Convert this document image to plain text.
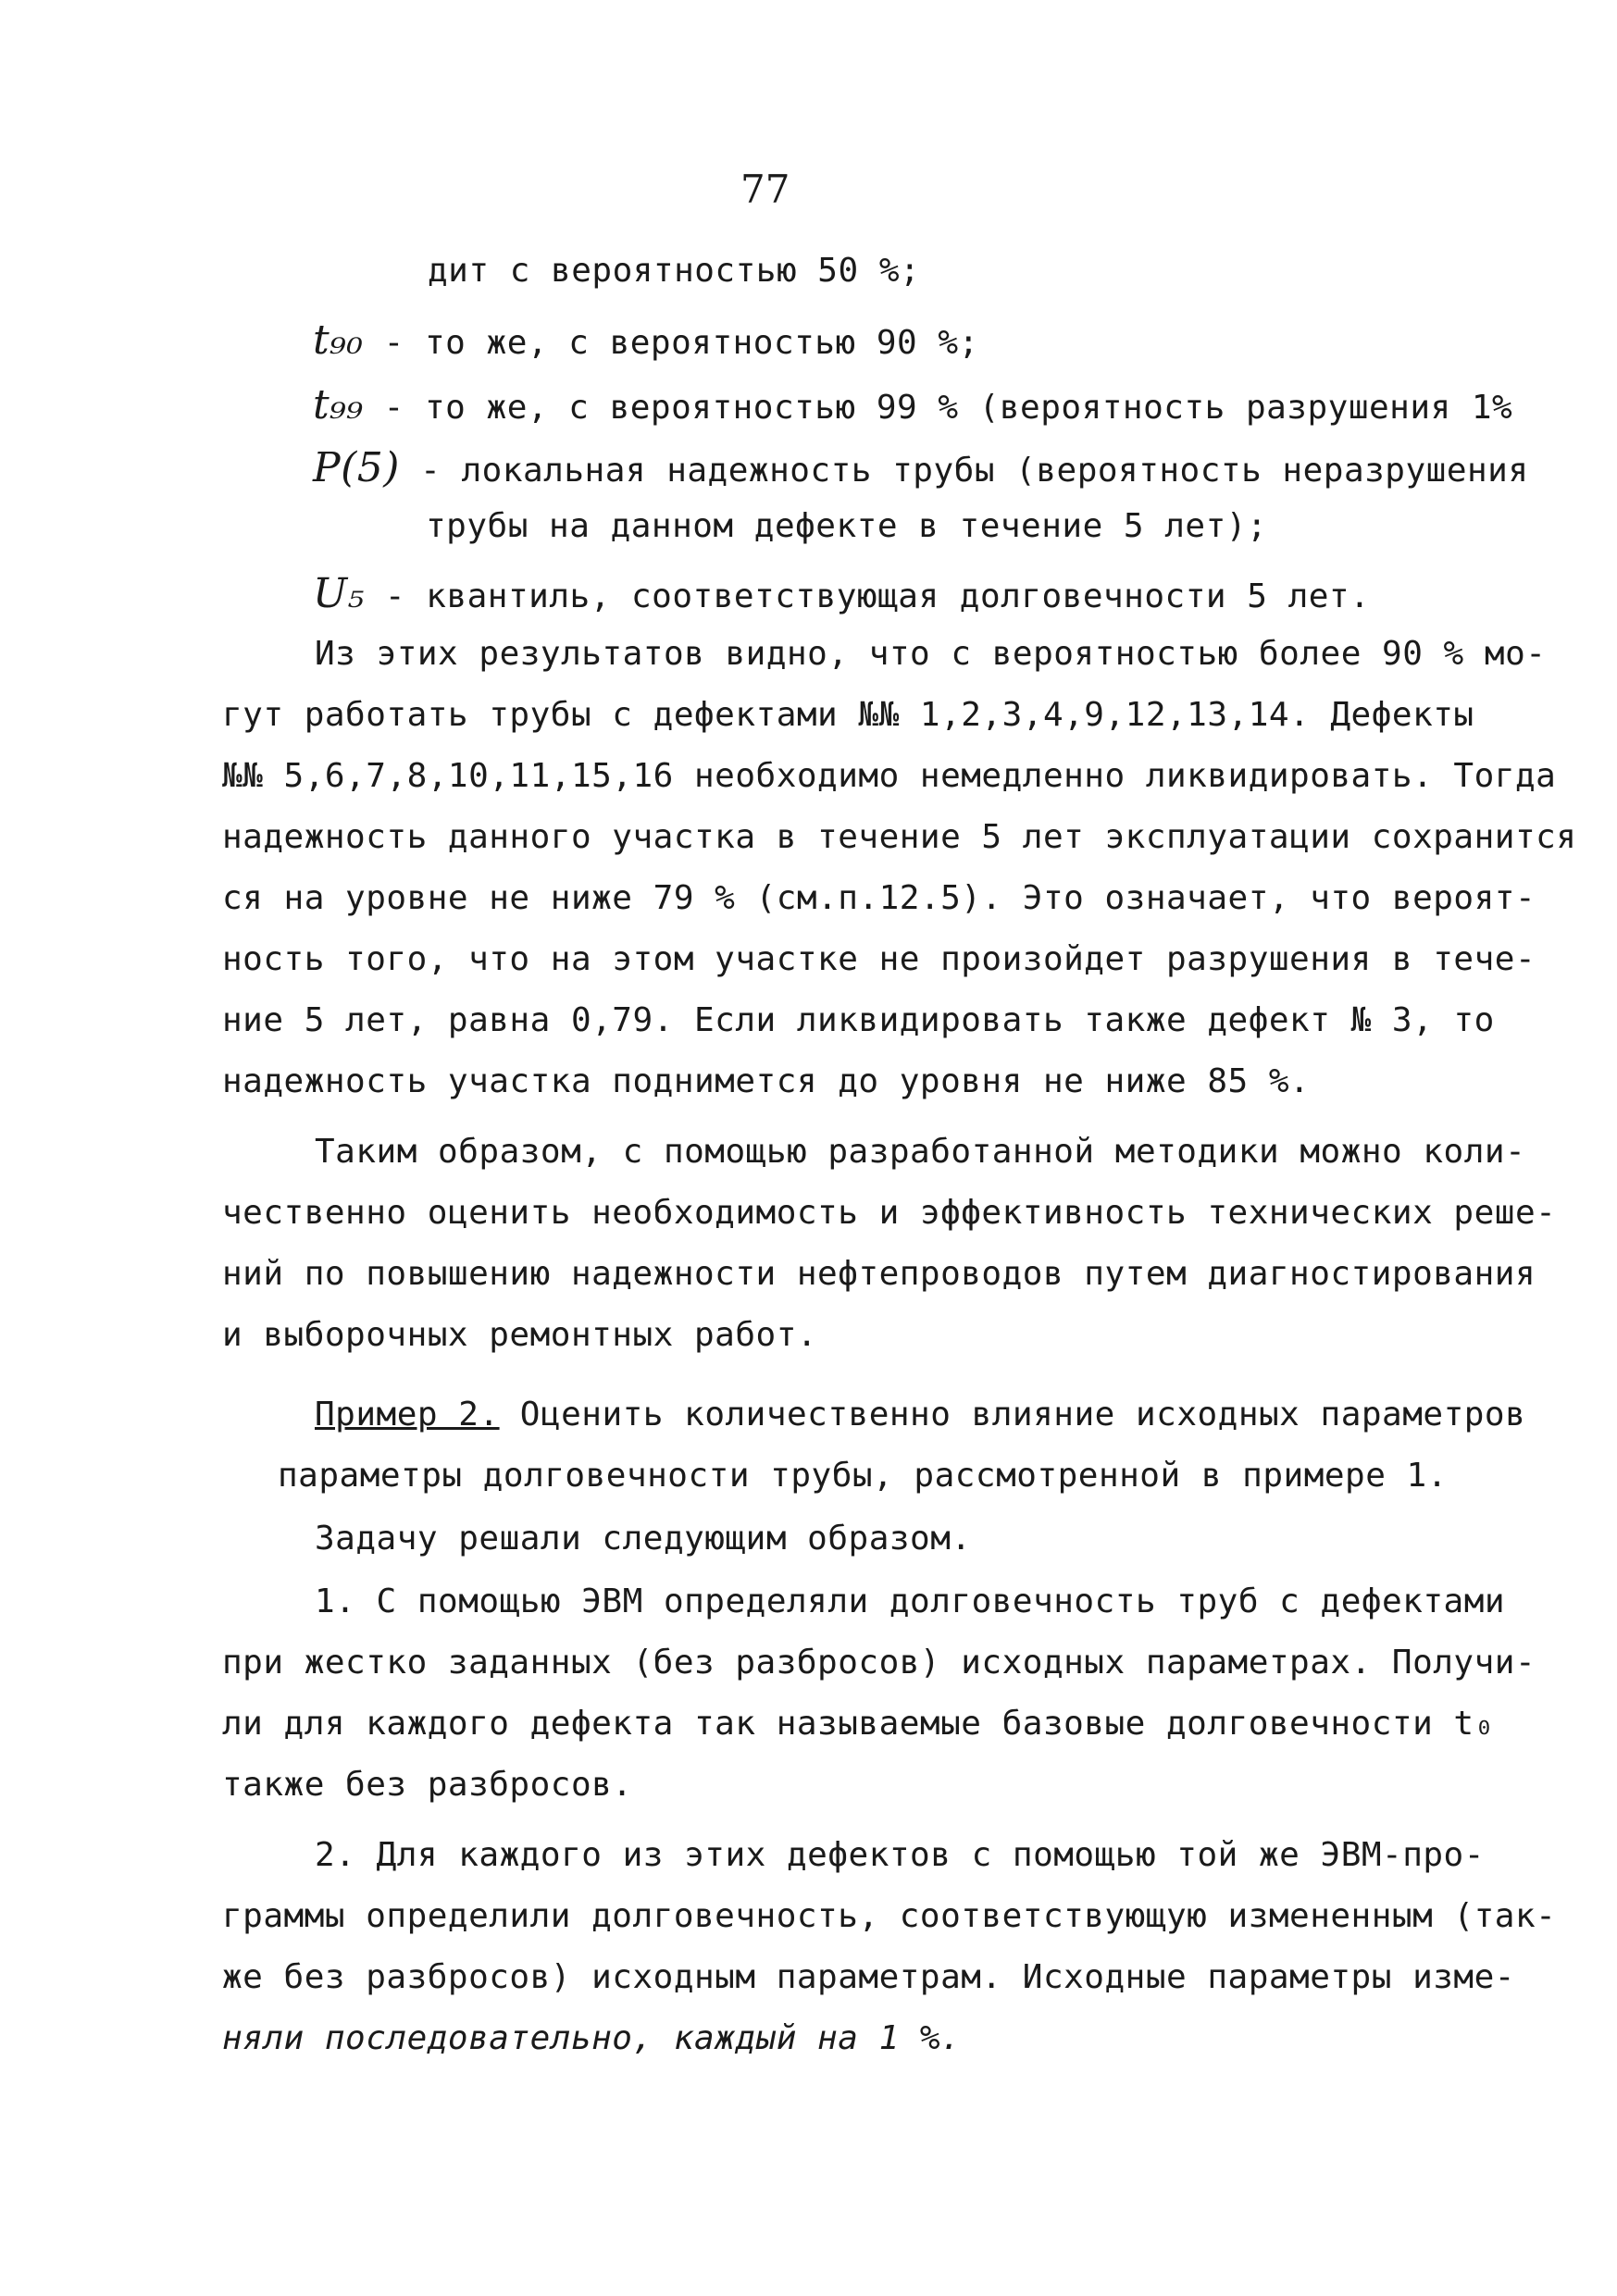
77
дит с вероятностью 50 %;
t₉₀ - то же, с вероятностью 90 %;
t₉₉ - то же, с вероятностью 99 % (вероятность разрушения 1%
P(5) - локальная надежность трубы (вероятность неразрушения
трубы на данном дефекте в течение 5 лет);
U₅ - квантиль, соответствующая долговечности 5 лет.
Из этих результатов видно, что с вероятностью более 90 % мо-
гут работать трубы с дефектами №№ 1,2,3,4,9,12,13,14. Дефекты
№№ 5,6,7,8,10,11,15,16 необходимо немедленно ликвидировать. Тогда
надежность данного участка в течение 5 лет эксплуатации сохранится
ся на уровне не ниже 79 % (см.п.12.5). Это означает, что вероят-
ность того, что на этом участке не произойдет разрушения в тече-
ние 5 лет, равна 0,79. Если ликвидировать также дефект № 3, то
надежность участка поднимется до уровня не ниже 85 %.
Таким образом, с помощью разработанной методики можно коли-
чественно оценить необходимость и эффективность технических реше-
ний по повышению надежности нефтепроводов путем диагностирования
и выборочных ремонтных работ.
Пример 2. Оценить количественно влияние исходных параметров
параметры долговечности трубы, рассмотренной в примере 1.
Задачу решали следующим образом.
1. С помощью ЭВМ определяли долговечность труб с дефектами
при жестко заданных (без разбросов) исходных параметрах. Получи-
ли для каждого дефекта так называемые базовые долговечности t₀
также без разбросов.
2. Для каждого из этих дефектов с помощью той же ЭВМ-про-
граммы определили долговечность, соответствующую измененным (так-
же без разбросов) исходным параметрам. Исходные параметры изме-
няли последовательно, каждый на 1 %.
